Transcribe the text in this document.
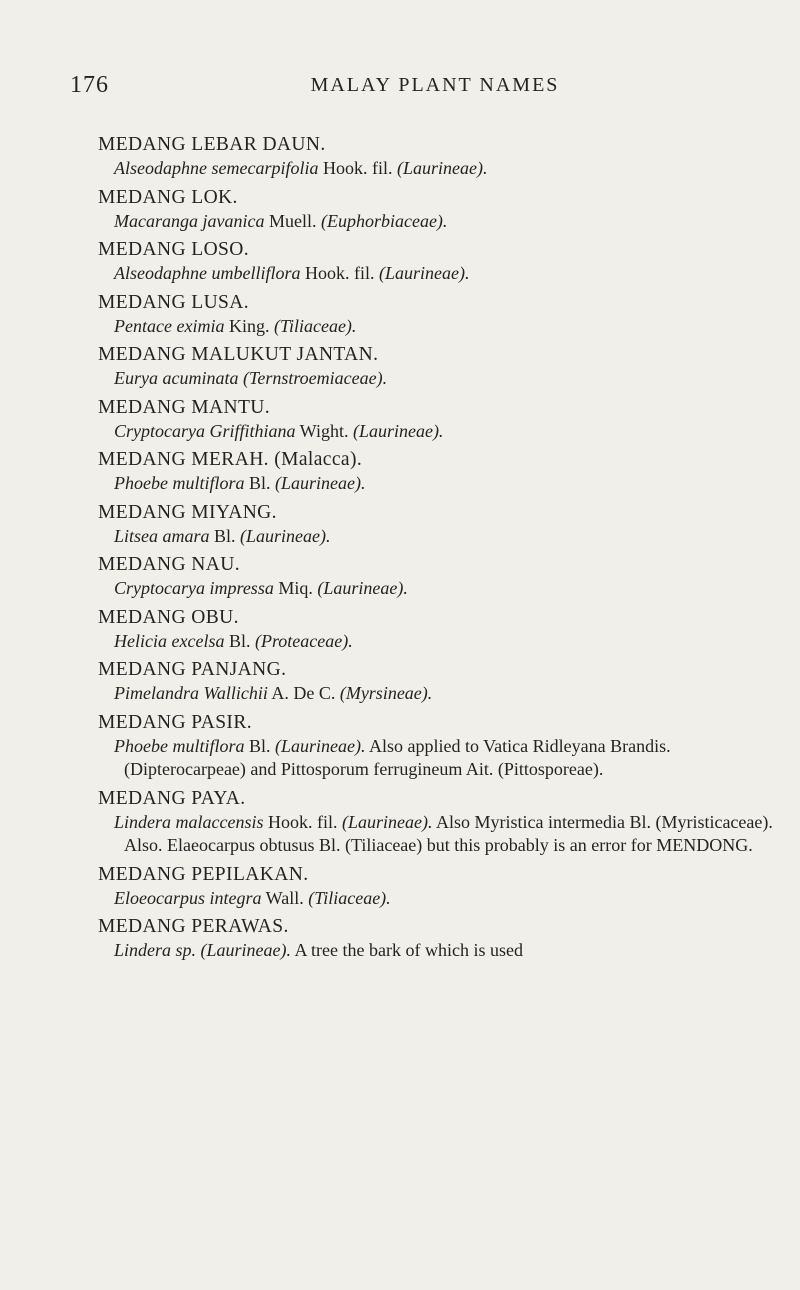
176	MALAY PLANT NAMES
MEDANG LEBAR DAUN.
Alseodaphne semecarpifolia Hook. fil. (Laurineae).
MEDANG LOK.
Macaranga javanica Muell. (Euphorbiaceae).
MEDANG LOSO.
Alseodaphne umbelliflora Hook. fil. (Laurineae).
MEDANG LUSA.
Pentace eximia King. (Tiliaceae).
MEDANG MALUKUT JANTAN.
Eurya acuminata (Ternstroemiaceae).
MEDANG MANTU.
Cryptocarya Griffithiana Wight. (Laurineae).
MEDANG MERAH. (Malacca).
Phoebe multiflora Bl. (Laurineae).
MEDANG MIYANG.
Litsea amara Bl. (Laurineae).
MEDANG NAU.
Cryptocarya impressa Miq. (Laurineae).
MEDANG OBU.
Helicia excelsa Bl. (Proteaceae).
MEDANG PANJANG.
Pimelandra Wallichii A. De C. (Myrsineae).
MEDANG PASIR.
Phoebe multiflora Bl. (Laurineae). Also applied to Vatica Ridleyana Brandis. (Dipterocarpeae) and Pittosporum ferrugineum Ait. (Pittosporeae).
MEDANG PAYA.
Lindera malaccensis Hook. fil. (Laurineae). Also Myristica intermedia Bl. (Myristicaceae). Also. Elaeocarpus obtusus Bl. (Tiliaceae) but this probably is an error for MENDONG.
MEDANG PEPILAKAN.
Eloeocarpus integra Wall. (Tiliaceae).
MEDANG PERAWAS.
Lindera sp. (Laurineae). A tree the bark of which is used
